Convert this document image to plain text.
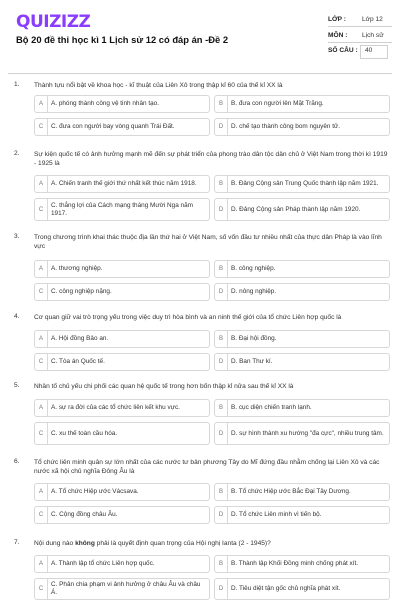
QUIZIZZ
Bộ 20 đề thi học kì 1 Lịch sử 12 có đáp án -Đề 2
LỚP : Lớp 12
MÔN : Lịch sử
SỐ CÂU : 40
1. Thành tựu nổi bật về khoa học - kĩ thuật của Liên Xô trong thập kỉ 60 của thế kỉ XX là
A	A. phóng thành công vệ tinh nhân tạo.	B	B. đưa con người lên Mặt Trăng.
C	C. đưa con người bay vòng quanh Trái Đất.	D	D. chế tạo thành công bom nguyên tử.
2. Sự kiện quốc tế có ảnh hưởng mạnh mẽ đến sự phát triển của phong trào dân tộc dân chủ ở Việt Nam trong thời kì 1919 - 1925 là
A	A. Chiến tranh thế giới thứ nhất kết thúc năm 1918.	B	B. Đảng Cộng sản Trung Quốc thành lập năm 1921.
C
C. thắng lợi của Cách mạng tháng Mười Nga năm 1917.	D	D. Đảng Cộng sản Pháp thành lập năm 1920.
3. Trong chương trình khai thác thuộc địa lần thứ hai ở Việt Nam, số vốn đầu tư nhiều nhất của thực dân Pháp là vào lĩnh vực
A	A. thương nghiệp.	B	B. công nghiệp.
C	C. công nghiệp nặng.	D	D. nông nghiệp.
4. Cơ quan giữ vai trò trọng yếu trong việc duy trì hòa bình và an ninh thế giới của tổ chức Liên hợp quốc là
A	A. Hội đồng Bảo an.	B	B. Đại hội đồng.
C	C. Tòa án Quốc tế.	D	D. Ban Thư kí.
5. Nhân tố chủ yếu chi phối các quan hệ quốc tế trong hơn bốn thập kỉ nửa sau thế kỉ XX là
A	A. sự ra đời của các tổ chức liên kết khu vực.	B	B. cục diện chiến tranh lạnh.
C	C. xu thế toàn cầu hóa.	D	D. sự hình thành xu hướng "đa cực", nhiều trung tâm.
6. Tổ chức liên minh quân sự lớn nhất của các nước tư bản phương Tây do Mĩ đứng đầu nhằm chống lại Liên Xô và các nước xã hội chủ nghĩa Đông Âu là
A	A. Tổ chức Hiệp ước Vácsava.	B	B. Tổ chức Hiệp ước Bắc Đại Tây Dương.
C	C. Cộng đồng châu Âu.	D	D. Tổ chức Liên minh vì tiến bộ.
7. Nội dung nào không phải là quyết định quan trọng của Hội nghị Ianta (2 - 1945)?
A	A. Thành lập tổ chức Liên hợp quốc.	B	B. Thành lập Khối Đồng minh chống phát xít.
C
C. Phân chia phạm vi ảnh hưởng ở châu Âu và châu Á.	D	D. Tiêu diệt tận gốc chủ nghĩa phát xít.
